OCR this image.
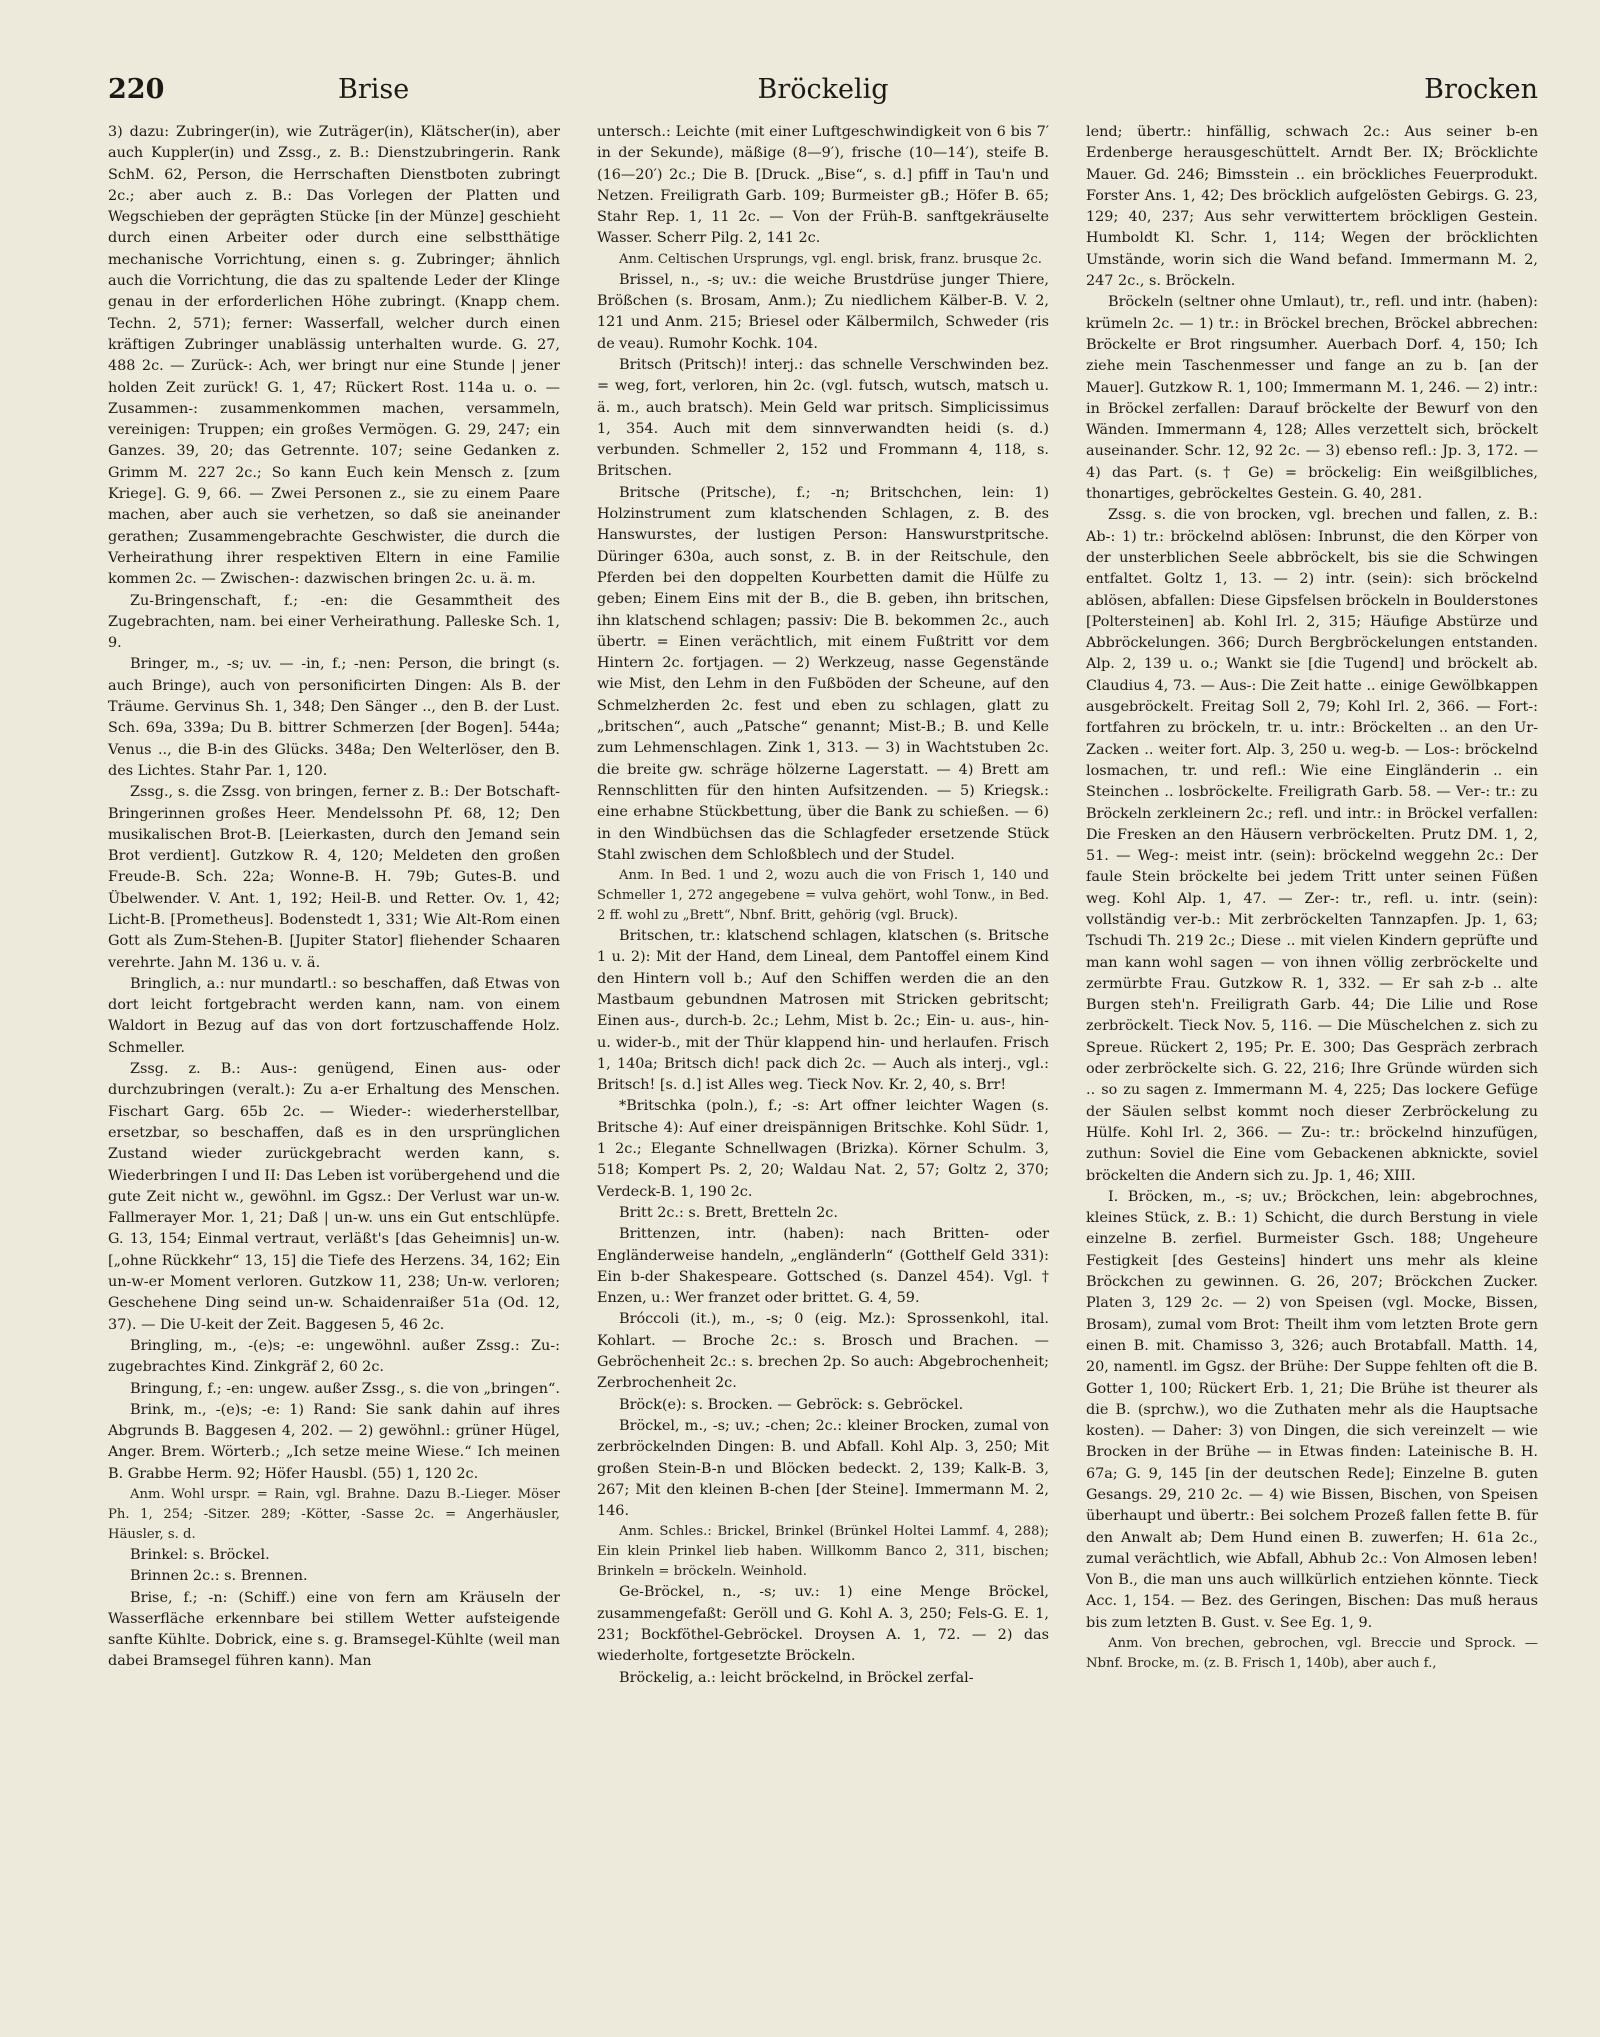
Bröckelig
220	Brise	Brocken

3) dazu: Zubringer(in), wie Zuträger(in), Klätscher(in), aber auch Kuppler(in) und Zssg., z. B.: Dienstzubringerin. Rank SchM. 62, Person, die Herrschaften Dienstboten zubringt 2c.; aber auch z. B.: Das Vorlegen der Platten und Wegschieben der geprägten Stücke [in der Münze] geschieht durch einen Arbeiter oder durch eine selbstthätige mechanische Vorrichtung, einen s. g. Zubringer; ähnlich auch die Vorrichtung, die das zu spaltende Leder der Klinge genau in der erforderlichen Höhe zubringt. (Knapp chem. Techn. 2, 571); ferner: Wasserfall, welcher durch einen kräftigen Zubringer unablässig unterhalten wurde. G. 27, 488 2c. — Zurück-: Ach, wer bringt nur eine Stunde | jener holden Zeit zurück! G. 1, 47; Rückert Rost. 114a u. o. — Zusammen-: zusammenkommen machen, versammeln, vereinigen: Truppen; ein großes Vermögen. G. 29, 247; ein Ganzes. 39, 20; das Getrennte. 107; seine Gedanken z. Grimm M. 227 2c.; So kann Euch kein Mensch z. [zum Kriege]. G. 9, 66. — Zwei Personen z., sie zu einem Paare machen, aber auch sie verhetzen, so daß sie aneinander gerathen; Zusammengebrachte Geschwister, die durch die Verheirathung ihrer respektiven Eltern in eine Familie kommen 2c. — Zwischen-: dazwischen bringen 2c. u. ä. m.

Zu-Bringenschaft, f.; -en: die Gesammtheit des Zugebrachten, nam. bei einer Verheirathung. Palleske Sch. 1, 9.

Bringer, m., -s; uv. — -in, f.; -nen: Person, die bringt (s. auch Bringe), auch von personificirten Dingen: Als B. der Träume. Gervinus Sh. 1, 348; Den Sänger .., den B. der Lust. Sch. 69a, 339a; Du B. bittrer Schmerzen [der Bogen]. 544a; Venus .., die B-in des Glücks. 348a; Den Welterlöser, den B. des Lichtes. Stahr Par. 1, 120.

Zssg., s. die Zssg. von bringen, ferner z. B.: Der Botschaft-Bringerinnen großes Heer. Mendelssohn Pf. 68, 12; Den musikalischen Brot-B. [Leierkasten, durch den Jemand sein Brot verdient]. Gutzkow R. 4, 120; Meldeten den großen Freude-B. Sch. 22a; Wonne-B. H. 79b; Gutes-B. und Übelwender. V. Ant. 1, 192; Heil-B. und Retter. Ov. 1, 42; Licht-B. [Prometheus]. Bodenstedt 1, 331; Wie Alt-Rom einen Gott als Zum-Stehen-B. [Jupiter Stator] fliehender Schaaren verehrte. Jahn M. 136 u. v. ä.

Bringlich, a.: nur mundartl.: so beschaffen, daß Etwas von dort leicht fortgebracht werden kann, nam. von einem Waldort in Bezug auf das von dort fortzuschaffende Holz. Schmeller.

Zssg. z. B.: Aus-: genügend, Einen aus- oder durchzubringen (veralt.): Zu a-er Erhaltung des Menschen. Fischart Garg. 65b 2c. — Wieder-: wiederherstellbar, ersetzbar, so beschaffen, daß es in den ursprünglichen Zustand wieder zurückgebracht werden kann, s. Wiederbringen I und II: Das Leben ist vorübergehend und die gute Zeit nicht w., gewöhnl. im Ggsz.: Der Verlust war un-w. Fallmerayer Mor. 1, 21; Daß | un-w. uns ein Gut entschlüpfe. G. 13, 154; Einmal vertraut, verläßt's [das Geheimnis] un-w. [„ohne Rückkehr“ 13, 15] die Tiefe des Herzens. 34, 162; Ein un-w-er Moment verloren. Gutzkow 11, 238; Un-w. verloren; Geschehene Ding seind un-w. Schaidenraißer 51a (Od. 12, 37). — Die U-keit der Zeit. Baggesen 5, 46 2c.

Bringling, m., -(e)s; -e: ungewöhnl. außer Zssg.: Zu-: zugebrachtes Kind. Zinkgräf 2, 60 2c.

Bringung, f.; -en: ungew. außer Zssg., s. die von „bringen“.

Brink, m., -(e)s; -e: 1) Rand: Sie sank dahin auf ihres Abgrunds B. Baggesen 4, 202. — 2) gewöhnl.: grüner Hügel, Anger. Brem. Wörterb.; „Ich setze meine Wiese.“ Ich meinen B. Grabbe Herm. 92; Höfer Hausbl. (55) 1, 120 2c.

Anm. Wohl urspr. = Rain, vgl. Brahne. Dazu B.-Lieger. Möser Ph. 1, 254; -Sitzer. 289; -Kötter, -Sasse 2c. = Angerhäusler, Häusler, s. d.

Brinkel: s. Bröckel.

Brinnen 2c.: s. Brennen.

Brise, f.; -n: (Schiff.) eine von fern am Kräuseln der Wasserfläche erkennbare bei stillem Wetter aufsteigende sanfte Kühlte. Dobrick, eine s. g. Bramsegel-Kühlte (weil man dabei Bramsegel führen kann). Man

untersch.: Leichte (mit einer Luftgeschwindigkeit von 6 bis 7′ in der Sekunde), mäßige (8—9′), frische (10—14′), steife B. (16—20′) 2c.; Die B. [Druck. „Bise“, s. d.] pfiff in Tau'n und Netzen. Freiligrath Garb. 109; Burmeister gB.; Höfer B. 65; Stahr Rep. 1, 11 2c. — Von der Früh-B. sanftgekräuselte Wasser. Scherr Pilg. 2, 141 2c.

Anm. Celtischen Ursprungs, vgl. engl. brisk, franz. brusque 2c.

Brissel, n., -s; uv.: die weiche Brustdrüse junger Thiere, Brößchen (s. Brosam, Anm.); Zu niedlichem Kälber-B. V. 2, 121 und Anm. 215; Briesel oder Kälbermilch, Schweder (ris de veau). Rumohr Kochk. 104.

Britsch (Pritsch)! interj.: das schnelle Verschwinden bez. = weg, fort, verloren, hin 2c. (vgl. futsch, wutsch, matsch u. ä. m., auch bratsch). Mein Geld war pritsch. Simplicissimus 1, 354. Auch mit dem sinnverwandten heidi (s. d.) verbunden. Schmeller 2, 152 und Frommann 4, 118, s. Britschen.

Britsche (Pritsche), f.; -n; Britschchen, lein: 1) Holzinstrument zum klatschenden Schlagen, z. B. des Hanswurstes, der lustigen Person: Hanswurstpritsche. Düringer 630a, auch sonst, z. B. in der Reitschule, den Pferden bei den doppelten Kourbetten damit die Hülfe zu geben; Einem Eins mit der B., die B. geben, ihn britschen, ihn klatschend schlagen; passiv: Die B. bekommen 2c., auch übertr. = Einen verächtlich, mit einem Fußtritt vor dem Hintern 2c. fortjagen. — 2) Werkzeug, nasse Gegenstände wie Mist, den Lehm in den Fußböden der Scheune, auf den Schmelzherden 2c. fest und eben zu schlagen, glatt zu „britschen“, auch „Patsche“ genannt; Mist-B.; B. und Kelle zum Lehmenschlagen. Zink 1, 313. — 3) in Wachtstuben 2c. die breite gw. schräge hölzerne Lagerstatt. — 4) Brett am Rennschlitten für den hinten Aufsitzenden. — 5) Kriegsk.: eine erhabne Stückbettung, über die Bank zu schießen. — 6) in den Windbüchsen das die Schlagfeder ersetzende Stück Stahl zwischen dem Schloßblech und der Studel.

Anm. In Bed. 1 und 2, wozu auch die von Frisch 1, 140 und Schmeller 1, 272 angegebene = vulva gehört, wohl Tonw., in Bed. 2 ff. wohl zu „Brett“, Nbnf. Britt, gehörig (vgl. Bruck).

Britschen, tr.: klatschend schlagen, klatschen (s. Britsche 1 u. 2): Mit der Hand, dem Lineal, dem Pantoffel einem Kind den Hintern voll b.; Auf den Schiffen werden die an den Mastbaum gebundnen Matrosen mit Stricken gebritscht; Einen aus-, durch-b. 2c.; Lehm, Mist b. 2c.; Ein- u. aus-, hin- u. wider-b., mit der Thür klappend hin- und herlaufen. Frisch 1, 140a; Britsch dich! pack dich 2c. — Auch als interj., vgl.: Britsch! [s. d.] ist Alles weg. Tieck Nov. Kr. 2, 40, s. Brr!

*Britschka (poln.), f.; -s: Art offner leichter Wagen (s. Britsche 4): Auf einer dreispännigen Britschke. Kohl Südr. 1, 1 2c.; Elegante Schnellwagen (Brizka). Körner Schulm. 3, 518; Kompert Ps. 2, 20; Waldau Nat. 2, 57; Goltz 2, 370; Verdeck-B. 1, 190 2c.

Britt 2c.: s. Brett, Bretteln 2c.

Brittenzen, intr. (haben): nach Britten- oder Engländerweise handeln, „engländerln“ (Gotthelf Geld 331): Ein b-der Shakespeare. Gottsched (s. Danzel 454). Vgl. † Enzen, u.: Wer franzet oder brittet. G. 4, 59.

Bróccoli (it.), m., -s; 0 (eig. Mz.): Sprossenkohl, ital. Kohlart. — Broche 2c.: s. Brosch und Brachen. — Gebröchenheit 2c.: s. brechen 2p. So auch: Abgebrochenheit; Zerbrochenheit 2c.

Bröck(e): s. Brocken. — Gebröck: s. Gebröckel.

Bröckel, m., -s; uv.; -chen; 2c.: kleiner Brocken, zumal von zerbröckelnden Dingen: B. und Abfall. Kohl Alp. 3, 250; Mit großen Stein-B-n und Blöcken bedeckt. 2, 139; Kalk-B. 3, 267; Mit den kleinen B-chen [der Steine]. Immermann M. 2, 146.

Anm. Schles.: Brickel, Brinkel (Brünkel Holtei Lammf. 4, 288); Ein klein Prinkel lieb haben. Willkomm Banco 2, 311, bischen; Brinkeln = bröckeln. Weinhold.

Ge-Bröckel, n., -s; uv.: 1) eine Menge Bröckel, zusammengefaßt: Geröll und G. Kohl A. 3, 250; Fels-G. E. 1, 231; Bockföthel-Gebröckel. Droysen A. 1, 72. — 2) das wiederholte, fortgesetzte Bröckeln.

Bröckelig, a.: leicht bröckelnd, in Bröckel zerfal-

lend; übertr.: hinfällig, schwach 2c.: Aus seiner b-en Erdenberge herausgeschüttelt. Arndt Ber. IX; Bröcklichte Mauer. Gd. 246; Bimsstein .. ein bröckliches Feuerprodukt. Forster Ans. 1, 42; Des bröcklich aufgelösten Gebirgs. G. 23, 129; 40, 237; Aus sehr verwittertem bröckligen Gestein. Humboldt Kl. Schr. 1, 114; Wegen der bröcklichten Umstände, worin sich die Wand befand. Immermann M. 2, 247 2c., s. Bröckeln.

Bröckeln (seltner ohne Umlaut), tr., refl. und intr. (haben): krümeln 2c. — 1) tr.: in Bröckel brechen, Bröckel abbrechen: Bröckelte er Brot ringsumher. Auerbach Dorf. 4, 150; Ich ziehe mein Taschenmesser und fange an zu b. [an der Mauer]. Gutzkow R. 1, 100; Immermann M. 1, 246. — 2) intr.: in Bröckel zerfallen: Darauf bröckelte der Bewurf von den Wänden. Immermann 4, 128; Alles verzettelt sich, bröckelt auseinander. Schr. 12, 92 2c. — 3) ebenso refl.: Jp. 3, 172. — 4) das Part. (s. † Ge) = bröckelig: Ein weißgilbliches, thonartiges, gebröckeltes Gestein. G. 40, 281.

Zssg. s. die von brocken, vgl. brechen und fallen, z. B.: Ab-: 1) tr.: bröckelnd ablösen: Inbrunst, die den Körper von der unsterblichen Seele abbröckelt, bis sie die Schwingen entfaltet. Goltz 1, 13. — 2) intr. (sein): sich bröckelnd ablösen, abfallen: Diese Gipsfelsen bröckeln in Boulderstones [Poltersteinen] ab. Kohl Irl. 2, 315; Häufige Abstürze und Abbröckelungen. 366; Durch Bergbröckelungen entstanden. Alp. 2, 139 u. o.; Wankt sie [die Tugend] und bröckelt ab. Claudius 4, 73. — Aus-: Die Zeit hatte .. einige Gewölbkappen ausgebröckelt. Freitag Soll 2, 79; Kohl Irl. 2, 366. — Fort-: fortfahren zu bröckeln, tr. u. intr.: Bröckelten .. an den Ur-Zacken .. weiter fort. Alp. 3, 250 u. weg-b. — Los-: bröckelnd losmachen, tr. und refl.: Wie eine Eingländerin .. ein Steinchen .. losbröckelte. Freiligrath Garb. 58. — Ver-: tr.: zu Bröckeln zerkleinern 2c.; refl. und intr.: in Bröckel verfallen: Die Fresken an den Häusern verbröckelten. Prutz DM. 1, 2, 51. — Weg-: meist intr. (sein): bröckelnd weggehn 2c.: Der faule Stein bröckelte bei jedem Tritt unter seinen Füßen weg. Kohl Alp. 1, 47. — Zer-: tr., refl. u. intr. (sein): vollständig ver-b.: Mit zerbröckelten Tannzapfen. Jp. 1, 63; Tschudi Th. 219 2c.; Diese .. mit vielen Kindern geprüfte und man kann wohl sagen — von ihnen völlig zerbröckelte und zermürbte Frau. Gutzkow R. 1, 332. — Er sah z-b .. alte Burgen steh'n. Freiligrath Garb. 44; Die Lilie und Rose zerbröckelt. Tieck Nov. 5, 116. — Die Müschelchen z. sich zu Spreue. Rückert 2, 195; Pr. E. 300; Das Gespräch zerbrach oder zerbröckelte sich. G. 22, 216; Ihre Gründe würden sich .. so zu sagen z. Immermann M. 4, 225; Das lockere Gefüge der Säulen selbst kommt noch dieser Zerbröckelung zu Hülfe. Kohl Irl. 2, 366. — Zu-: tr.: bröckelnd hinzufügen, zuthun: Soviel die Eine vom Gebackenen abknickte, soviel bröckelten die Andern sich zu. Jp. 1, 46; XIII.

I. Bröcken, m., -s; uv.; Bröckchen, lein: abgebrochnes, kleines Stück, z. B.: 1) Schicht, die durch Berstung in viele einzelne B. zerfiel. Burmeister Gsch. 188; Ungeheure Festigkeit [des Gesteins] hindert uns mehr als kleine Bröckchen zu gewinnen. G. 26, 207; Bröckchen Zucker. Platen 3, 129 2c. — 2) von Speisen (vgl. Mocke, Bissen, Brosam), zumal vom Brot: Theilt ihm vom letzten Brote gern einen B. mit. Chamisso 3, 326; auch Brotabfall. Matth. 14, 20, namentl. im Ggsz. der Brühe: Der Suppe fehlten oft die B. Gotter 1, 100; Rückert Erb. 1, 21; Die Brühe ist theurer als die B. (sprchw.), wo die Zuthaten mehr als die Hauptsache kosten). — Daher: 3) von Dingen, die sich vereinzelt — wie Brocken in der Brühe — in Etwas finden: Lateinische B. H. 67a; G. 9, 145 [in der deutschen Rede]; Einzelne B. guten Gesangs. 29, 210 2c. — 4) wie Bissen, Bischen, von Speisen überhaupt und übertr.: Bei solchem Prozeß fallen fette B. für den Anwalt ab; Dem Hund einen B. zuwerfen; H. 61a 2c., zumal verächtlich, wie Abfall, Abhub 2c.: Von Almosen leben! Von B., die man uns auch willkürlich entziehen könnte. Tieck Acc. 1, 154. — Bez. des Geringen, Bischen: Das muß heraus bis zum letzten B. Gust. v. See Eg. 1, 9.

Anm. Von brechen, gebrochen, vgl. Breccie und Sprock. — Nbnf. Brocke, m. (z. B. Frisch 1, 140b), aber auch f.,
